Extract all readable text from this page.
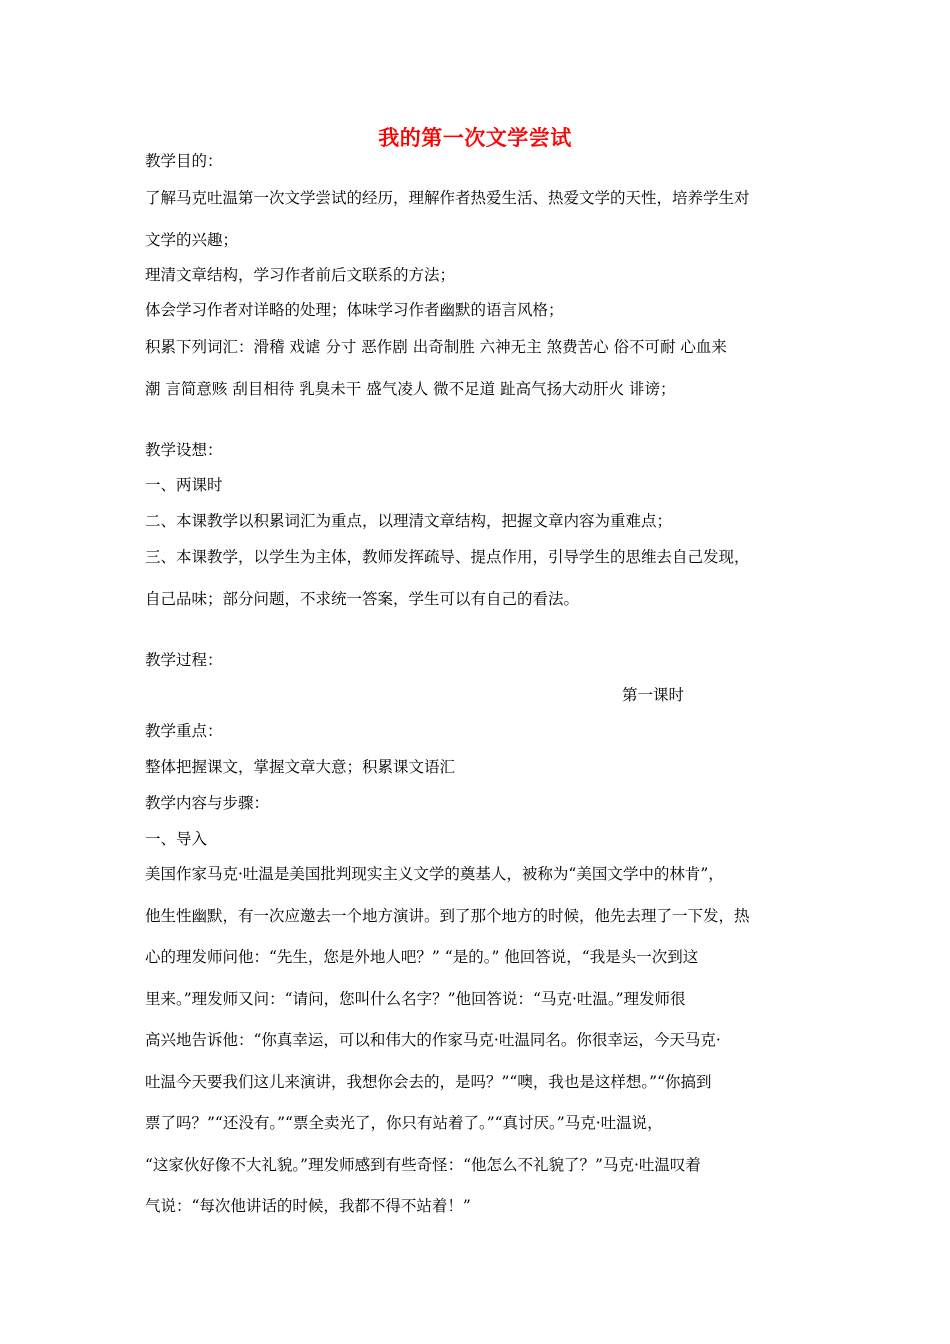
我的第一次文学尝试
教学目的：
了解马克吐温第一次文学尝试的经历，理解作者热爱生活、热爱文学的天性，培养学生对
文学的兴趣；
理清文章结构，学习作者前后文联系的方法；
体会学习作者对详略的处理；体味学习作者幽默的语言风格；
积累下列词汇：滑稽 戏谑 分寸 恶作剧 出奇制胜 六神无主 煞费苦心 俗不可耐 心血来
潮 言简意赅 刮目相待 乳臭未干 盛气凌人 微不足道 趾高气扬大动肝火 诽谤；
教学设想：
一、两课时
二、本课教学以积累词汇为重点，以理清文章结构，把握文章内容为重难点；
三、本课教学，以学生为主体，教师发挥疏导、提点作用，引导学生的思维去自己发现，
自己品味；部分问题，不求统一答案，学生可以有自己的看法。
教学过程：
第一课时
教学重点：
整体把握课文，掌握文章大意；积累课文语汇
教学内容与步骤：
一、导入
美国作家马克·吐温是美国批判现实主义文学的奠基人，被称为“美国文学中的林肯”，
他生性幽默，有一次应邀去一个地方演讲。到了那个地方的时候，他先去理了一下发，热
心的理发师问他：“先生，您是外地人吧？” “是的。” 他回答说，“我是头一次到这
里来。”理发师又问：“请问，您叫什么名字？”他回答说：“马克·吐温。”理发师很
高兴地告诉他：“你真幸运，可以和伟大的作家马克·吐温同名。你很幸运，今天马克·
吐温今天要我们这儿来演讲，我想你会去的，是吗？”“噢，我也是这样想。”“你搞到
票了吗？”“还没有。”“票全卖光了，你只有站着了。”“真讨厌。”马克·吐温说，
“这家伙好像不大礼貌。”理发师感到有些奇怪：“他怎么不礼貌了？”马克·吐温叹着
气说：“每次他讲话的时候，我都不得不站着！”
